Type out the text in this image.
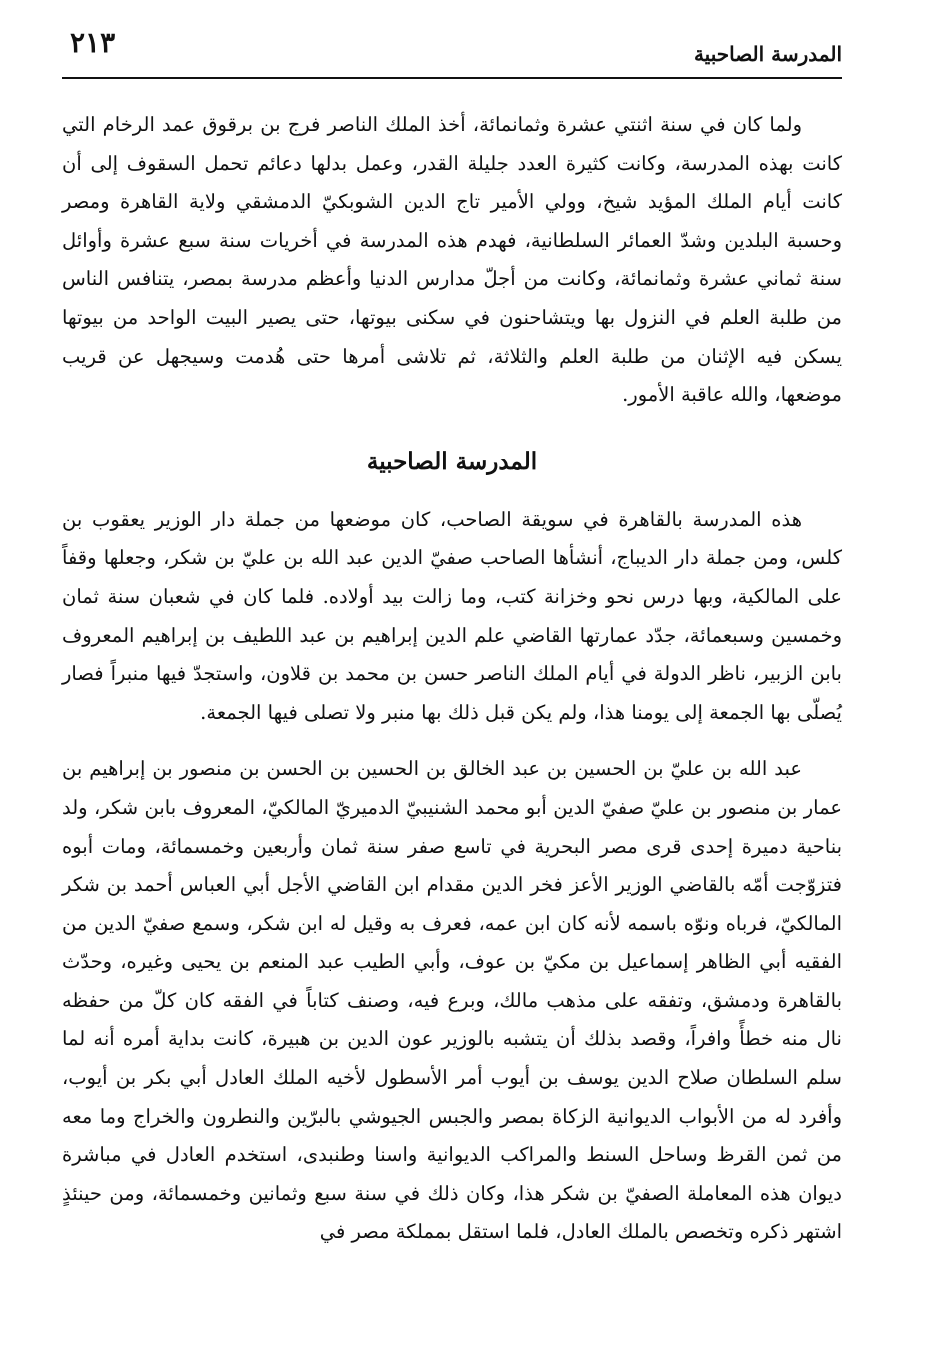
المدرسة الصاحبية
٢١٣

ولما كان في سنة اثنتي عشرة وثمانمائة، أخذ الملك الناصر فرج بن برقوق عمد الرخام التي كانت بهذه المدرسة، وكانت كثيرة العدد جليلة القدر، وعمل بدلها دعائم تحمل السقوف إلى أن كانت أيام الملك المؤيد شيخ، وولي الأمير تاج الدين الشوبكيّ الدمشقي ولاية القاهرة ومصر وحسبة البلدين وشدّ العمائر السلطانية، فهدم هذه المدرسة في أخريات سنة سبع عشرة وأوائل سنة ثماني عشرة وثمانمائة، وكانت من أجلّ مدارس الدنيا وأعظم مدرسة بمصر، يتنافس الناس من طلبة العلم في النزول بها ويتشاحنون في سكنى بيوتها، حتى يصير البيت الواحد من بيوتها يسكن فيه الإثنان من طلبة العلم والثلاثة، ثم تلاشى أمرها حتى هُدمت وسيجهل عن قريب موضعها، والله عاقبة الأمور.

المدرسة الصاحبية

هذه المدرسة بالقاهرة في سويقة الصاحب، كان موضعها من جملة دار الوزير يعقوب بن كلس، ومن جملة دار الديباج، أنشأها الصاحب صفيّ الدين عبد الله بن عليّ بن شكر، وجعلها وقفاً على المالكية، وبها درس نحو وخزانة كتب، وما زالت بيد أولاده. فلما كان في شعبان سنة ثمان وخمسين وسبعمائة، جدّد عمارتها القاضي علم الدين إبراهيم بن عبد اللطيف بن إبراهيم المعروف بابن الزبير، ناظر الدولة في أيام الملك الناصر حسن بن محمد بن قلاون، واستجدّ فيها منبراً فصار يُصلّى بها الجمعة إلى يومنا هذا، ولم يكن قبل ذلك بها منبر ولا تصلى فيها الجمعة.

عبد الله بن عليّ بن الحسين بن عبد الخالق بن الحسين بن الحسن بن منصور بن إبراهيم بن عمار بن منصور بن عليّ صفيّ الدين أبو محمد الشنيبيّ الدميريّ المالكيّ، المعروف بابن شكر، ولد بناحية دميرة إحدى قرى مصر البحرية في تاسع صفر سنة ثمان وأربعين وخمسمائة، ومات أبوه فتزوّجت أمّه بالقاضي الوزير الأعز فخر الدين مقدام ابن القاضي الأجل أبي العباس أحمد بن شكر المالكيّ، فرباه ونوّه باسمه لأنه كان ابن عمه، فعرف به وقيل له ابن شكر، وسمع صفيّ الدين من الفقيه أبي الظاهر إسماعيل بن مكيّ بن عوف، وأبي الطيب عبد المنعم بن يحيى وغيره، وحدّث بالقاهرة ودمشق، وتفقه على مذهب مالك، وبرع فيه، وصنف كتاباً في الفقه كان كلّ من حفظه نال منه خطأً وافراً، وقصد بذلك أن يتشبه بالوزير عون الدين بن هبيرة، كانت بداية أمره أنه لما سلم السلطان صلاح الدين يوسف بن أيوب أمر الأسطول لأخيه الملك العادل أبي بكر بن أيوب، وأفرد له من الأبواب الديوانية الزكاة بمصر والجبس الجيوشي بالبرّين والنطرون والخراج وما معه من ثمن القرظ وساحل السنط والمراكب الديوانية واسنا وطنبدى، استخدم العادل في مباشرة ديوان هذه المعاملة الصفيّ بن شكر هذا، وكان ذلك في سنة سبع وثمانين وخمسمائة، ومن حينئذٍ اشتهر ذكره وتخصص بالملك العادل، فلما استقل بمملكة مصر في
